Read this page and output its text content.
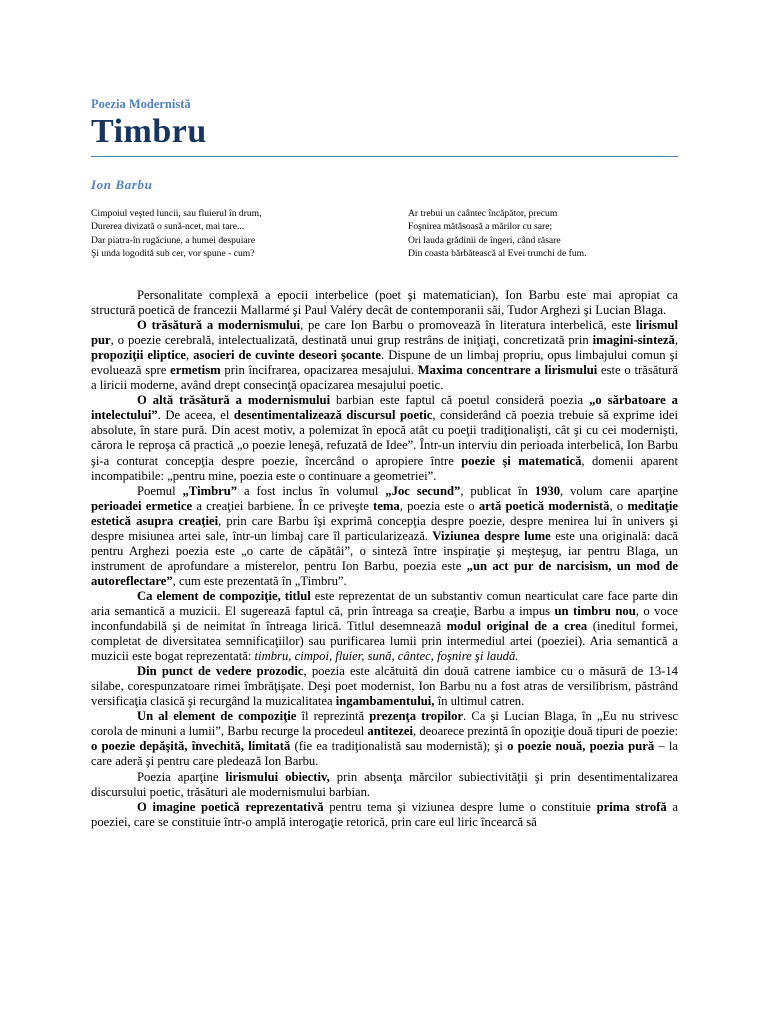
Poezia Modernistă
Timbru
Ion Barbu
Cimpoiul veşted luncii, sau fluierul în drum,
Durerea divizată o sună-ncet, mai tare...
Dar piatra-în rugăciune, a humei despuiare
Şi unda logodită sub cer, vor spune - cum?
Ar trebui un caântec încăpător, precum
Foşnirea mătăsoasă a mărilor cu sare;
Ori lauda grădinii de îngeri, când răsare
Din coasta bărbătească al Evei trunchi de fum.

Personalitate complexă a epocii interbelice (poet şi matematician), Ion Barbu este mai apropiat ca structură poetică de francezii Mallarmé şi Paul Valéry decât de contemporanii săi, Tudor Arghezi şi Lucian Blaga.

O trăsătură a modernismului, pe care Ion Barbu o promovează în literatura interbelică, este lirismul pur, o poezie cerebrală, intelectualizată, destinată unui grup restrâns de iniţiaţi, concretizată prin imagini-sinteză, propoziţii eliptice, asocieri de cuvinte deseori şocante. Dispune de un limbaj propriu, opus limbajului comun şi evoluează spre ermetism prin încifrarea, opacizarea mesajului. Maxima concentrare a lirismului este o trăsătură a liricii moderne, având drept consecinţă opacizarea mesajului poetic.

O altă trăsătură a modernismului barbian este faptul că poetul consideră poezia „o sărbatoare a intelectului”. De aceea, el desentimentalizează discursul poetic, considerând că poezia trebuie să exprime idei absolute, în stare pură. Din acest motiv, a polemizat în epocă atât cu poeţii tradiţionalişti, cât şi cu cei modernişti, cărora le reproşa că practică „o poezie leneşă, refuzată de Idee”. Într-un interviu din perioada interbelică, Ion Barbu şi-a conturat concepţia despre poezie, încercând o apropiere între poezie şi matematică, domenii aparent incompatibile: „pentru mine, poezia este o continuare a geometriei”.

Poemul „Timbru” a fost inclus în volumul „Joc secund”, publicat în 1930, volum care aparţine perioadei ermetice a creaţiei barbiene. În ce priveşte tema, poezia este o artă poetică modernistă, o meditaţie estetică asupra creaţiei, prin care Barbu îşi exprimă concepţia despre poezie, despre menirea lui în univers şi despre misiunea artei sale, într-un limbaj care îl particularizează. Viziunea despre lume este una originală: dacă pentru Arghezi poezia este „o carte de căpătâi”, o sinteză între inspiraţie şi meşteşug, iar pentru Blaga, un instrument de aprofundare a misterelor, pentru Ion Barbu, poezia este „un act pur de narcisism, un mod de autoreflectare”, cum este prezentată în „Timbru”.

Ca element de compoziţie, titlul este reprezentat de un substantiv comun nearticulat care face parte din aria semantică a muzicii. El sugerează faptul că, prin întreaga sa creaţie, Barbu a impus un timbru nou, o voce inconfundabilă şi de neimitat în întreaga lirică. Titlul desemnează modul original de a crea (ineditul formei, completat de diversitatea semnificaţiilor) sau purificarea lumii prin intermediul artei (poeziei). Aria semantică a muzicii este bogat reprezentată: timbru, cimpoi, fluier, sună, cântec, foşnire şi laudă.

Din punct de vedere prozodic, poezia este alcătuită din două catrene iambice cu o măsură de 13-14 silabe, corespunzatoare rimei îmbrăţişate. Deşi poet modernist, Ion Barbu nu a fost atras de versilibrism, păstrând versificaţia clasică şi recurgând la muzicalitatea ingambamentului, în ultimul catren.

Un al element de compoziţie îl reprezintă prezenţa tropilor. Ca şi Lucian Blaga, în „Eu nu strivesc corola de minuni a lumii”, Barbu recurge la procedeul antitezei, deoarece prezintă în opoziţie două tipuri de poezie: o poezie depăşită, învechită, limitată (fie ea tradiţionalistă sau modernistă); şi o poezie nouă, poezia pură – la care aderă şi pentru care pledează Ion Barbu.

Poezia aparţine lirismului obiectiv, prin absenţa mărcilor subiectivităţii şi prin desentimentalizarea discursului poetic, trăsături ale modernismului barbian.

O imagine poetică reprezentativă pentru tema şi viziunea despre lume o constituie prima strofă a poeziei, care se constituie într-o amplă interogaţie retorică, prin care eul liric încearcă să
